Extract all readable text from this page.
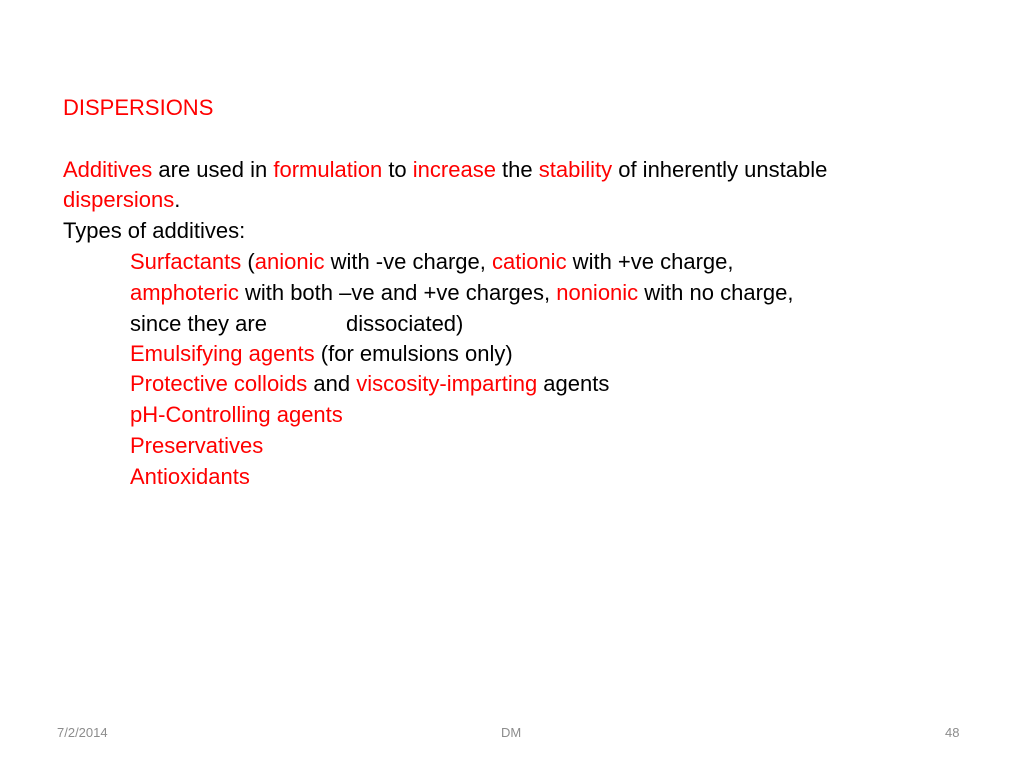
DISPERSIONS
Additives are used in formulation to increase the stability of inherently unstable
dispersions.
Types of additives:
Surfactants (anionic with -ve charge, cationic with +ve charge,
amphoteric with both –ve and +ve charges, nonionic with no charge,
since they are	dissociated)
Emulsifying agents (for emulsions only)
Protective colloids and viscosity-imparting agents
pH-Controlling agents
Preservatives
Antioxidants
7/2/2014	DM	48
